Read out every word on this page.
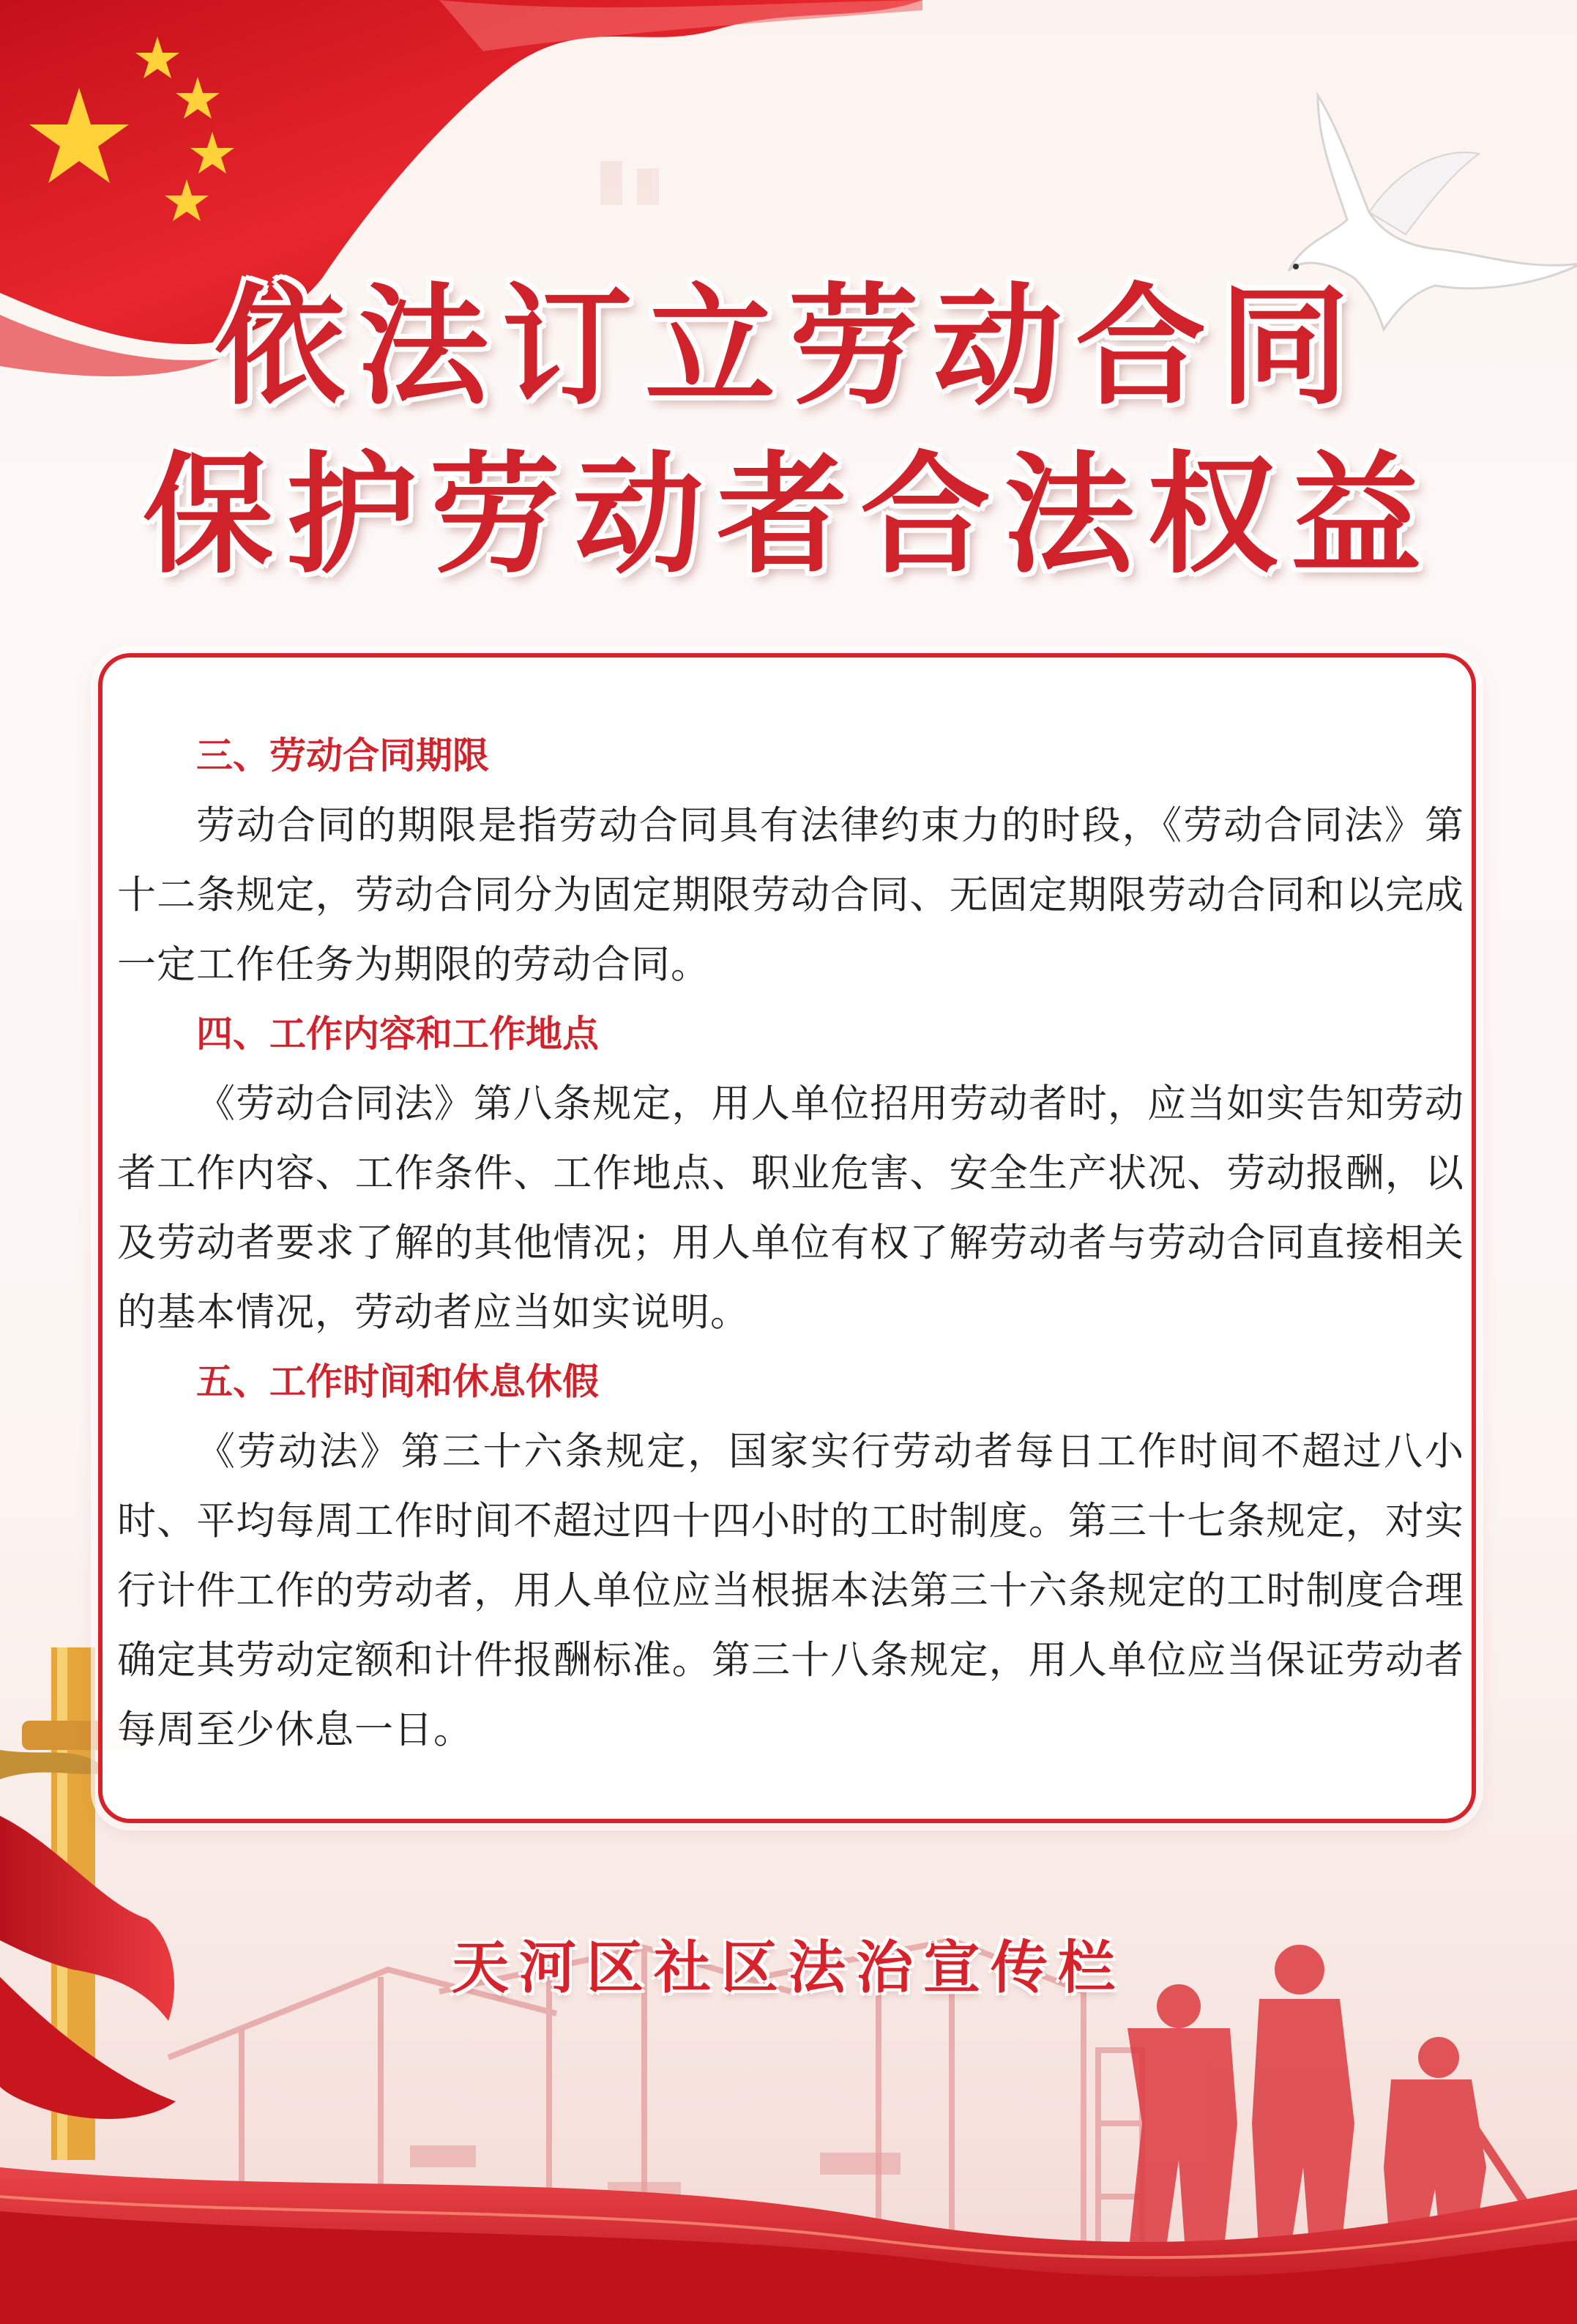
依法订立劳动合同
保护劳动者合法权益

三、劳动合同期限

劳动合同的期限是指劳动合同具有法律约束力的时段，《劳动合同法》第十二条规定，劳动合同分为固定期限劳动合同、无固定期限劳动合同和以完成一定工作任务为期限的劳动合同。

四、工作内容和工作地点

《劳动合同法》第八条规定，用人单位招用劳动者时，应当如实告知劳动者工作内容、工作条件、工作地点、职业危害、安全生产状况、劳动报酬，以及劳动者要求了解的其他情况；用人单位有权了解劳动者与劳动合同直接相关的基本情况，劳动者应当如实说明。

五、工作时间和休息休假

《劳动法》第三十六条规定，国家实行劳动者每日工作时间不超过八小时、平均每周工作时间不超过四十四小时的工时制度。第三十七条规定，对实行计件工作的劳动者，用人单位应当根据本法第三十六条规定的工时制度合理确定其劳动定额和计件报酬标准。第三十八条规定，用人单位应当保证劳动者每周至少休息一日。

天河区社区法治宣传栏
